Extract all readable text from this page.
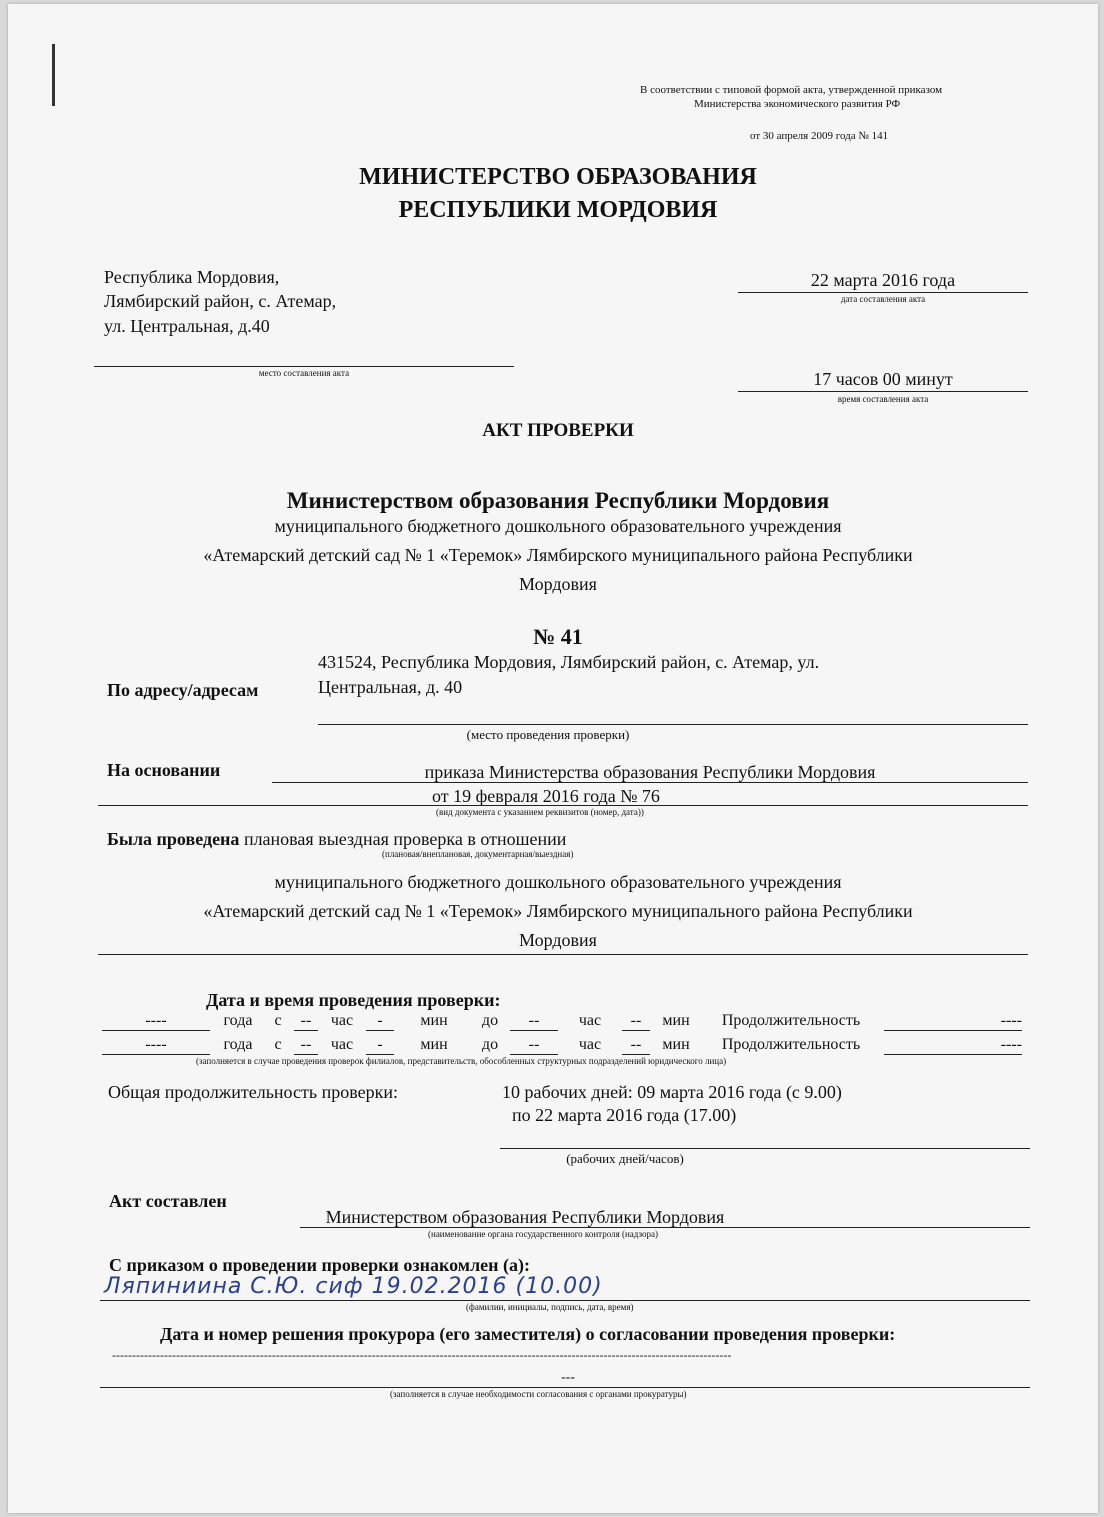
В соответствии с типовой формой акта, утвержденной приказом
Министерства экономического развития РФ
от 30 апреля 2009 года № 141
МИНИСТЕРСТВО ОБРАЗОВАНИЯ
РЕСПУБЛИКИ МОРДОВИЯ
Республика Мордовия,
Лямбирский район, с. Атемар,
ул. Центральная, д.40
место составления акта
22 марта 2016 года
дата составления акта
17 часов 00 минут
время составления акта
АКТ ПРОВЕРКИ
Министерством образования Республики Мордовия
муниципального бюджетного дошкольного образовательного учреждения
«Атемарский детский сад № 1 «Теремок» Лямбирского муниципального района Республики
Мордовия
№ 41
По адресу/адресам
431524, Республика Мордовия, Лямбирский район, с. Атемар, ул.
Центральная, д. 40
(место проведения проверки)
На основании	приказа Министерства образования Республики Мордовия
от 19 февраля 2016 года № 76
(вид документа с указанием реквизитов (номер, дата))
Была проведена плановая выездная проверка в отношении
(плановая/внеплановая, документарная/выездная)
муниципального бюджетного дошкольного образовательного учреждения
«Атемарский детский сад № 1 «Теремок» Лямбирского муниципального района Республики
Мордовия
Дата и время проведения проверки:
----	года с -- час - мин до -- час -- мин Продолжительность	----
----	года с -- час - мин до -- час -- мин Продолжительность	----
(заполняется в случае проведения проверок филиалов, представительств, обособленных структурных подразделений юридического лица)
Общая продолжительность проверки:	10 рабочих дней: 09 марта 2016 года (с 9.00)
по 22 марта 2016 года (17.00)
(рабочих дней/часов)
Акт составлен
Министерством образования Республики Мордовия
(наименование органа государственного контроля (надзора)
С приказом о проведении проверки ознакомлен (а):
Ляпиниина С.Ю. сиф 19.02.2016 (10.00)
(фамилии, инициалы, подпись, дата, время)
Дата и номер решения прокурора (его заместителя) о согласовании проведения проверки:
-----------------------------------------------------------------------------------------------------------------------------------------------------------
---
(заполняется в случае необходимости согласования с органами прокуратуры)
